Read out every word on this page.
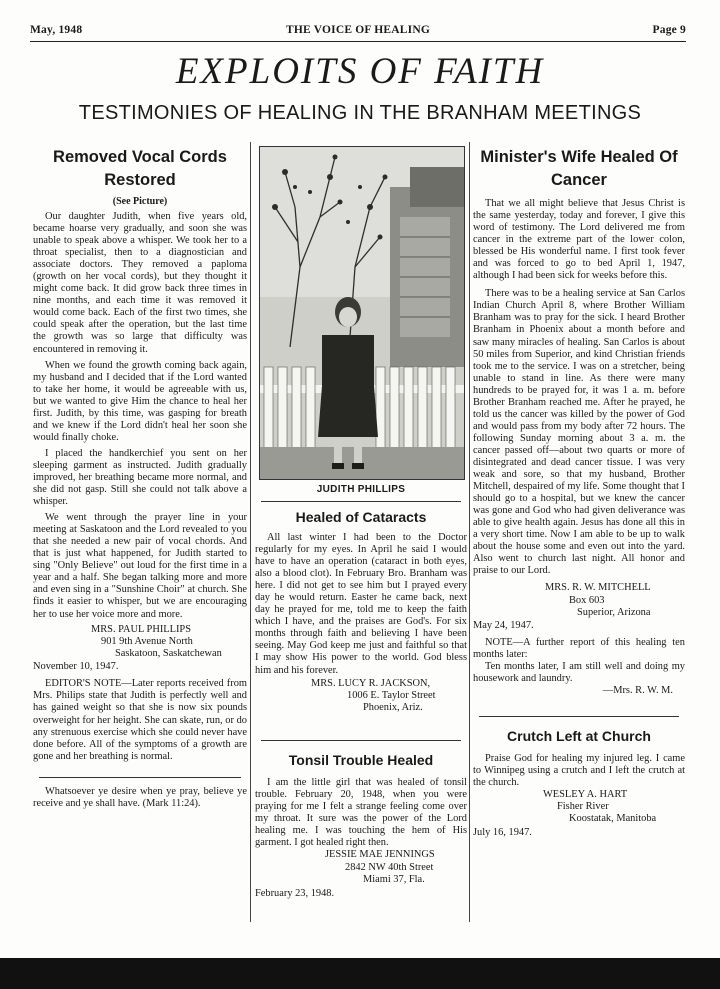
May, 1948	THE VOICE OF HEALING	Page 9
EXPLOITS OF FAITH
TESTIMONIES OF HEALING IN THE BRANHAM MEETINGS
Removed Vocal Cords Restored
(See Picture)

Our daughter Judith, when five years old, became hoarse very gradually, and soon she was unable to speak above a whisper. We took her to a throat specialist, then to a diagnostician and associate doctors. They removed a paploma (growth on her vocal cords), but they thought it might come back. It did grow back three times in nine months, and each time it was removed it would come back. Each of the first two times, she could speak after the operation, but the last time the growth was so large that difficulty was encountered in removing it.

When we found the growth coming back again, my husband and I decided that if the Lord wanted to take her home, it would be agreeable with us, but we wanted to give Him the chance to heal her first. Judith, by this time, was gasping for breath and we knew if the Lord didn't heal her soon she would finally choke.

I placed the handkerchief you sent on her sleeping garment as instructed. Judith gradually improved, her breathing became more normal, and she did not gasp. Still she could not talk above a whisper.

We went through the prayer line in your meeting at Saskatoon and the Lord revealed to you that she needed a new pair of vocal chords. And that is just what happened, for Judith started to sing "Only Believe" out loud for the first time in a year and a half. She began talking more and more and even sing in a "Sunshine Choir" at church. She finds it easier to whisper, but we are encouraging her to use her voice more and more.

MRS. PAUL PHILLIPS
901 9th Avenue North
Saskatoon, Saskatchewan
November 10, 1947.

EDITOR'S NOTE—Later reports received from Mrs. Philips state that Judith is perfectly well and has gained weight so that she is now six pounds overweight for her height. She can skate, run, or do any strenuous exercise which she could never have done before. All of the symptoms of a growth are gone and her breathing is normal.

Whatsoever ye desire when ye pray, believe ye receive and ye shall have. (Mark 11:24).

JUDITH PHILLIPS
Healed of Cataracts

All last winter I had been to the Doctor regularly for my eyes. In April he said I would have to have an operation (cataract in both eyes, also a blood clot). In February Bro. Branham was here. I did not get to see him but I prayed every day he would return. Easter he came back, next day he prayed for me, told me to keep the faith which I have, and the praises are God's. For six months through faith and believing I have been seeing. May God keep me just and faithful so that I may show His power to the world. God bless him and his forever.

MRS. LUCY R. JACKSON,
1006 E. Taylor Street
Phoenix, Ariz.
Tonsil Trouble Healed

I am the little girl that was healed of tonsil trouble. February 20, 1948, when you were praying for me I felt a strange feeling come over my throat. It sure was the power of the Lord healing me. I was touching the hem of His garment. I got healed right then.

JESSIE MAE JENNINGS
2842 NW 40th Street
Miami 37, Fla.
February 23, 1948.
Minister's Wife Healed Of Cancer

That we all might believe that Jesus Christ is the same yesterday, today and forever, I give this word of testimony. The Lord delivered me from cancer in the extreme part of the lower colon, blessed be His wonderful name. I first took fever and was forced to go to bed April 1, 1947, although I had been sick for weeks before this.

There was to be a healing service at San Carlos Indian Church April 8, where Brother William Branham was to pray for the sick. I heard Brother Branham in Phoenix about a month before and saw many miracles of healing. San Carlos is about 50 miles from Superior, and kind Christian friends took me to the service. I was on a stretcher, being unable to stand in line. As there were many hundreds to be prayed for, it was 1 a. m. before Brother Branham reached me. After he prayed, he told us the cancer was killed by the power of God and would pass from my body after 72 hours. The following Sunday morning about 3 a. m. the cancer passed off—about two quarts or more of disintegrated and dead cancer tissue. I was very weak and sore, so that my husband, Brother Mitchell, despaired of my life. Some thought that I should go to a hospital, but we knew the cancer was gone and God who had given deliverance was able to give health again. Jesus has done all this in a very short time. Now I am able to be up to walk about the house some and even out into the yard. Also went to church last night. All honor and praise to our Lord.

MRS. R. W. MITCHELL
Box 603
Superior, Arizona
May 24, 1947.

NOTE—A further report of this healing ten months later:

Ten months later, I am still well and doing my housework and laundry.

—Mrs. R. W. M.
Crutch Left at Church

Praise God for healing my injured leg. I came to Winnipeg using a crutch and I left the crutch at the church.

WESLEY A. HART
Fisher River
Koostatak, Manitoba
July 16, 1947.
